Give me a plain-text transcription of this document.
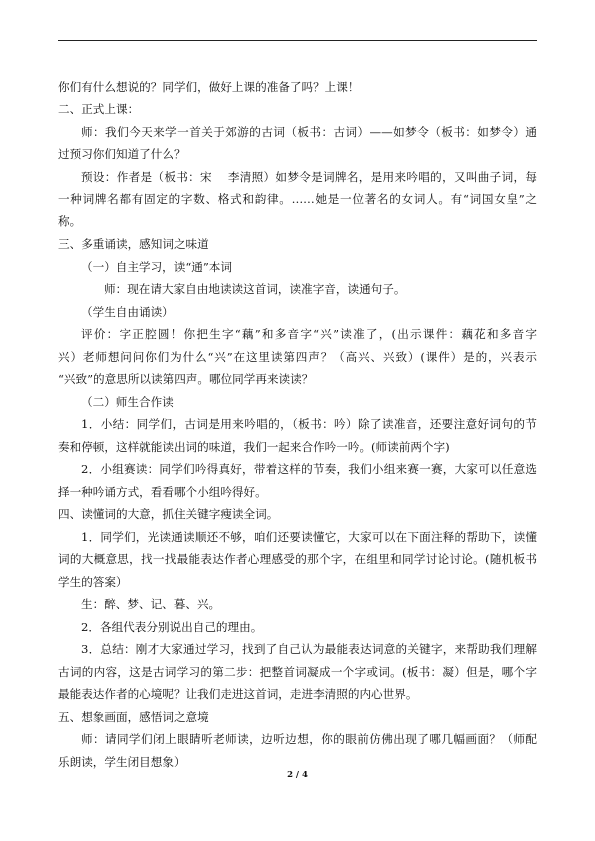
你们有什么想说的？同学们，做好上课的准备了吗？上课！
二、正式上课：
师：我们今天来学一首关于郊游的古词（板书：古词）——如梦令（板书：如梦令）通
过预习你们知道了什么？
预设：作者是（板书：宋　 李清照）如梦令是词牌名，是用来吟唱的，又叫曲子词，每
一种词牌名都有固定的字数、格式和韵律。……她是一位著名的女词人。有“词国女皇”之
称。
三、多重诵读，感知词之味道
（一）自主学习，读“通”本词
师：现在请大家自由地读读这首词，读准字音，读通句子。
（学生自由诵读）
评价：字正腔圆！你把生字“藕”和多音字“兴”读准了，(出示课件：藕花和多音字
兴）老师想问问你们为什么“兴”在这里读第四声？（高兴、兴致）(课件）是的，兴表示
“兴致”的意思所以读第四声。哪位同学再来读读？
（二）师生合作读
1．小结：同学们，古词是用来吟唱的，（板书：吟）除了读准音，还要注意好词句的节
奏和停顿，这样就能读出词的味道，我们一起来合作吟一吟。(师读前两个字)
2．小组赛读：同学们吟得真好，带着这样的节奏，我们小组来赛一赛，大家可以任意选
择一种吟诵方式，看看哪个小组吟得好。
四、读懂词的大意，抓住关键字瘦读全词。
1．同学们，光读通读顺还不够，咱们还要读懂它，大家可以在下面注释的帮助下，读懂
词的大概意思，找一找最能表达作者心理感受的那个字，在组里和同学讨论讨论。(随机板书
学生的答案）
生：醉、梦、记、暮、兴。
2．各组代表分别说出自己的理由。
3．总结：刚才大家通过学习，找到了自己认为最能表达词意的关键字，来帮助我们理解
古词的内容，这是古词学习的第二步：把整首词凝成一个字或词。(板书：凝）但是，哪个字
最能表达作者的心境呢？让我们走进这首词，走进李清照的内心世界。
五、想象画面，感悟词之意境
师：请同学们闭上眼睛听老师读，边听边想，你的眼前仿佛出现了哪几幅画面？（师配
乐朗读，学生闭目想象）
2 / 4
